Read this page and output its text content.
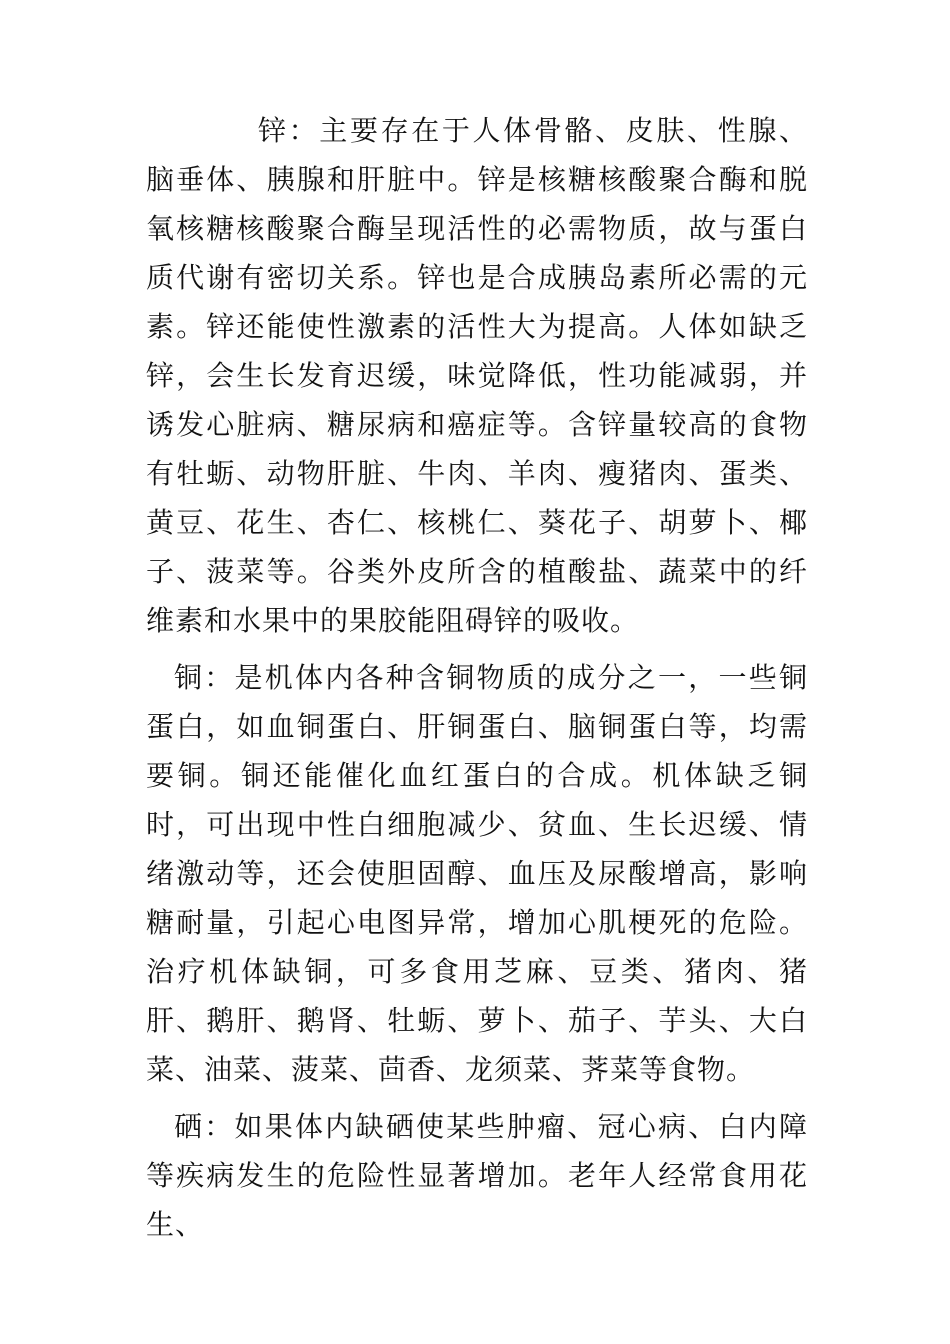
锌：主要存在于人体骨骼、皮肤、性腺、脑垂体、胰腺和肝脏中。锌是核糖核酸聚合酶和脱氧核糖核酸聚合酶呈现活性的必需物质，故与蛋白质代谢有密切关系。锌也是合成胰岛素所必需的元素。锌还能使性激素的活性大为提高。人体如缺乏锌，会生长发育迟缓，味觉降低，性功能减弱，并诱发心脏病、糖尿病和癌症等。含锌量较高的食物有牡蛎、动物肝脏、牛肉、羊肉、瘦猪肉、蛋类、黄豆、花生、杏仁、核桃仁、葵花子、胡萝卜、椰子、菠菜等。谷类外皮所含的植酸盐、蔬菜中的纤维素和水果中的果胶能阻碍锌的吸收。

铜：是机体内各种含铜物质的成分之一，一些铜蛋白，如血铜蛋白、肝铜蛋白、脑铜蛋白等，均需要铜。铜还能催化血红蛋白的合成。机体缺乏铜时，可出现中性白细胞减少、贫血、生长迟缓、情绪激动等，还会使胆固醇、血压及尿酸增高，影响糖耐量，引起心电图异常，增加心肌梗死的危险。治疗机体缺铜，可多食用芝麻、豆类、猪肉、猪肝、鹅肝、鹅肾、牡蛎、萝卜、茄子、芋头、大白菜、油菜、菠菜、茴香、龙须菜、荠菜等食物。

硒：如果体内缺硒使某些肿瘤、冠心病、白内障等疾病发生的危险性显著增加。老年人经常食用花生、
